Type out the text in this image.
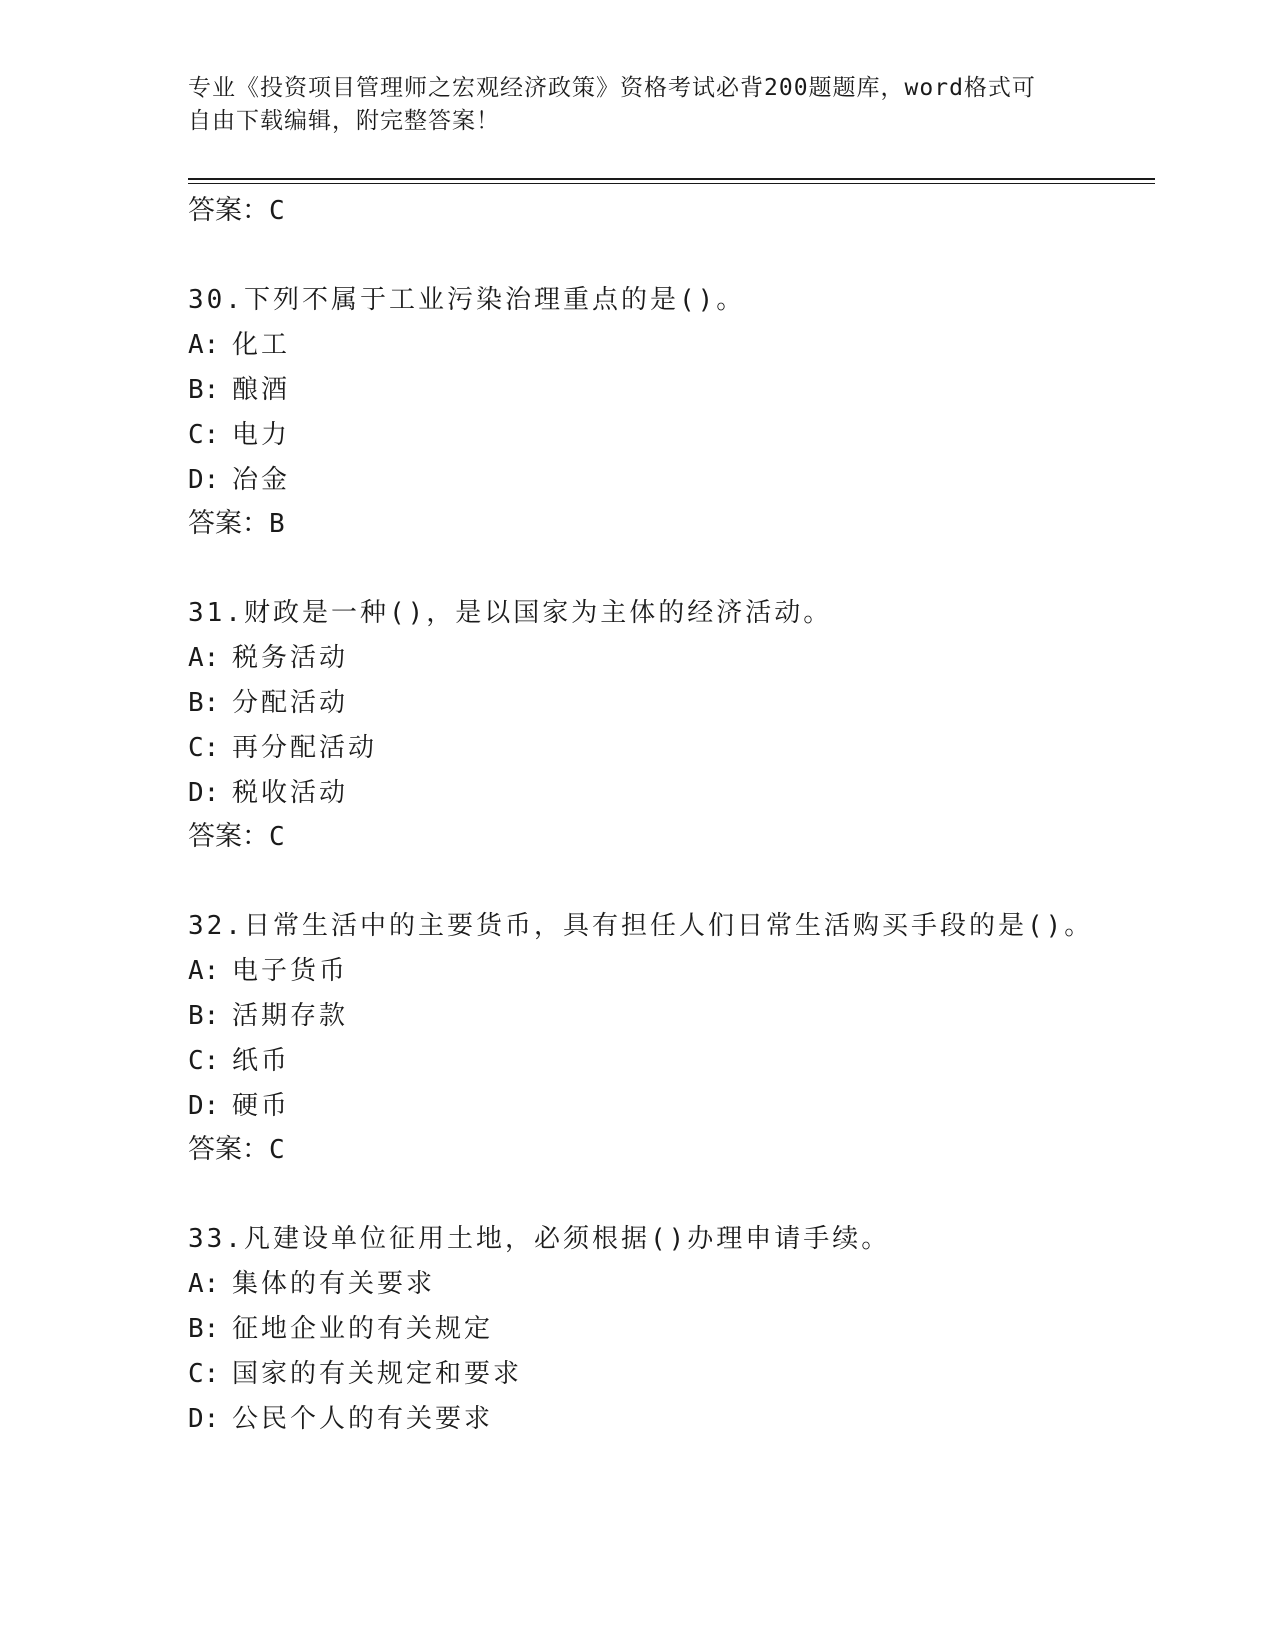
专业《投资项目管理师之宏观经济政策》资格考试必背200题题库，word格式可
自由下载编辑，附完整答案！
答案：C
30.下列不属于工业污染治理重点的是()。
A: 化工
B: 酿酒
C: 电力
D: 冶金
答案：B
31.财政是一种()，是以国家为主体的经济活动。
A: 税务活动
B: 分配活动
C: 再分配活动
D: 税收活动
答案：C
32.日常生活中的主要货币，具有担任人们日常生活购买手段的是()。
A: 电子货币
B: 活期存款
C: 纸币
D: 硬币
答案：C
33.凡建设单位征用土地，必须根据()办理申请手续。
A: 集体的有关要求
B: 征地企业的有关规定
C: 国家的有关规定和要求
D: 公民个人的有关要求
